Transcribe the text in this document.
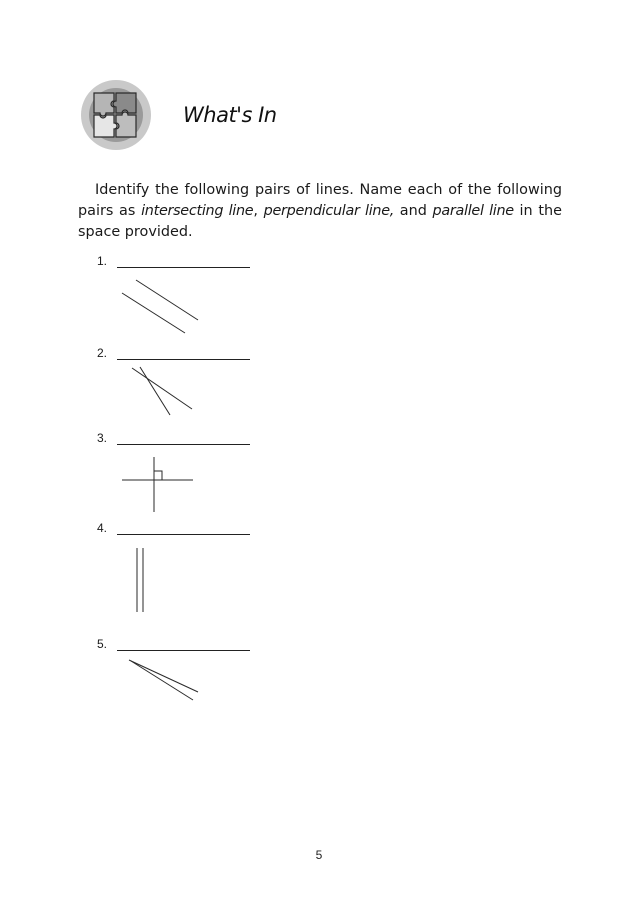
What's In

Identify the following pairs of lines. Name each of the following pairs as intersecting line, perpendicular line, and parallel line in the space provided.

1.
2.
3.
4.
5.
5
